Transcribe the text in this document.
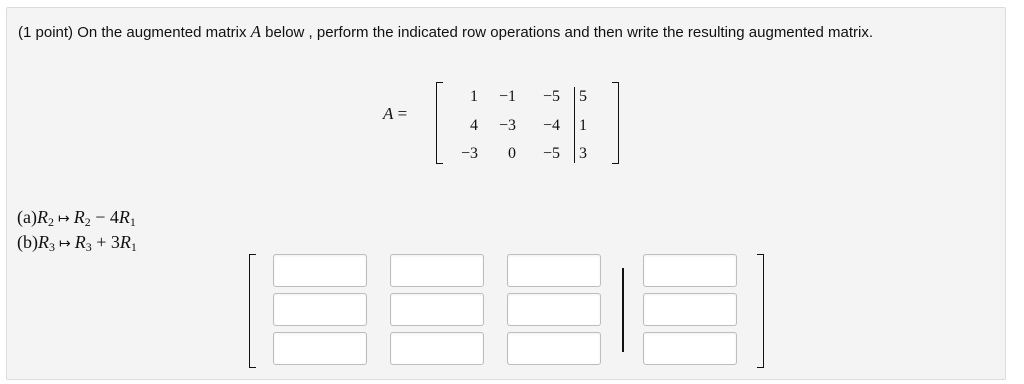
(1 point) On the augmented matrix A below , perform the indicated row operations and then write the resulting augmented matrix.
A =
1	−1	−5	5
4	−3	−4	1
−3	0	−5	3
$(a)R_2$ ↦ $R_2 - 4R_1$
$(b)R_3$ ↦ $R_3 + 3R_1$
